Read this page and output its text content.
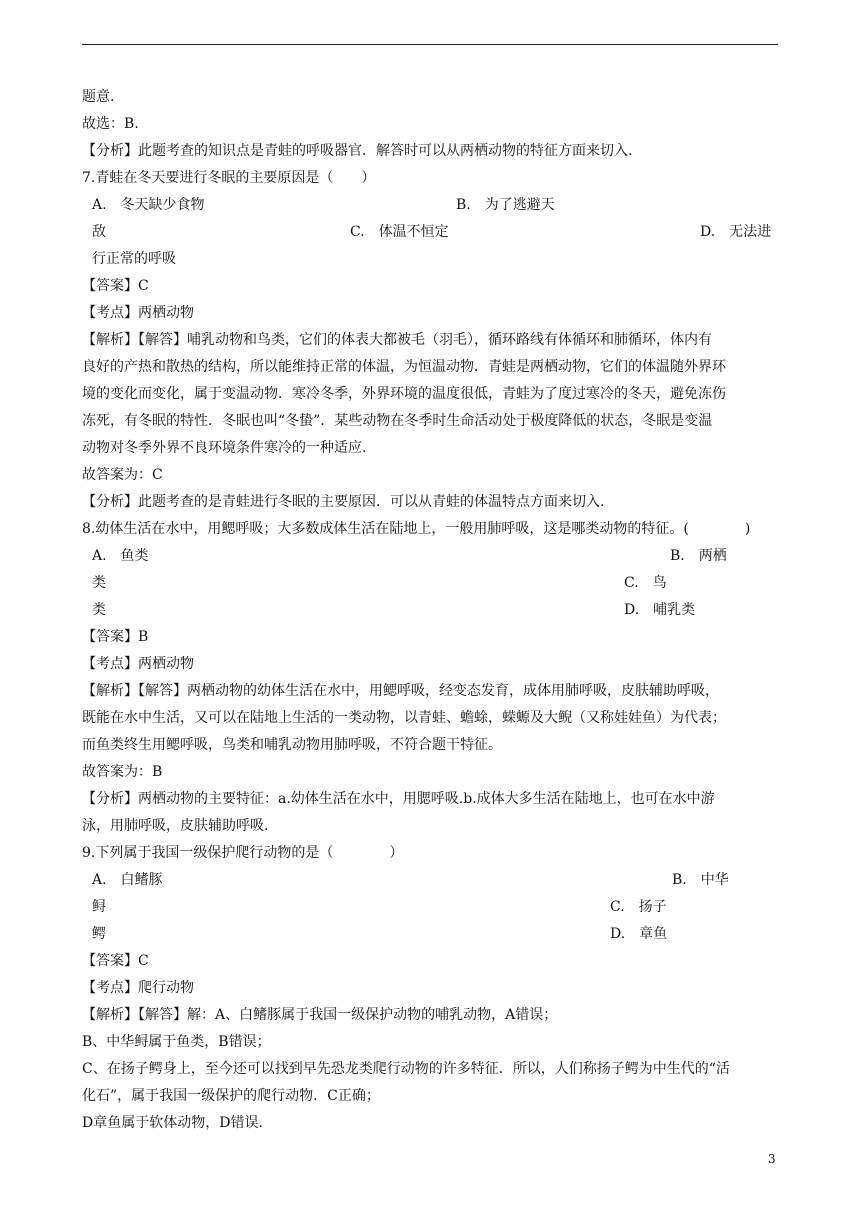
题意.
故选：B.
【分析】此题考查的知识点是青蛙的呼吸器官．解答时可以从两栖动物的特征方面来切入.
7.青蛙在冬天要进行冬眠的主要原因是（　　）
A.　冬天缺少食物	B.　为了逃避天
敌	C.　体温不恒定	D.　无法进
行正常的呼吸
【答案】C
【考点】两栖动物
【解析】【解答】哺乳动物和鸟类，它们的体表大都被毛（羽毛），循环路线有体循环和肺循环，体内有
良好的产热和散热的结构，所以能维持正常的体温，为恒温动物．青蛙是两栖动物，它们的体温随外界环
境的变化而变化，属于变温动物．寒冷冬季，外界环境的温度很低，青蛙为了度过寒冷的冬天，避免冻伤
冻死，有冬眠的特性．冬眠也叫“冬蛰”．某些动物在冬季时生命活动处于极度降低的状态，冬眠是变温
动物对冬季外界不良环境条件寒冷的一种适应.
故答案为：C
【分析】此题考查的是青蛙进行冬眠的主要原因．可以从青蛙的体温特点方面来切入.
8.幼体生活在水中，用鳃呼吸；大多数成体生活在陆地上，一般用肺呼吸，这是哪类动物的特征。(　　　　)
A.　鱼类	B.　两栖
类	C.　鸟
类	D.　哺乳类
【答案】B
【考点】两栖动物
【解析】【解答】两栖动物的幼体生活在水中，用鳃呼吸，经变态发育，成体用肺呼吸，皮肤辅助呼吸，
既能在水中生活，又可以在陆地上生活的一类动物，以青蛙、蟾蜍，蝾螈及大鲵（又称娃娃鱼）为代表；
而鱼类终生用鳃呼吸，鸟类和哺乳动物用肺呼吸，不符合题干特征。
故答案为：B
【分析】两栖动物的主要特征：a.幼体生活在水中，用腮呼吸.b.成体大多生活在陆地上，也可在水中游
泳，用肺呼吸，皮肤辅助呼吸.
9.下列属于我国一级保护爬行动物的是（　　　　）
A.　白鳍豚	B.　中华
鲟	C.　扬子
鳄	D.　章鱼
【答案】C
【考点】爬行动物
【解析】【解答】解：A、白鳍豚属于我国一级保护动物的哺乳动物，A错误；
B、中华鲟属于鱼类，B错误；
C、在扬子鳄身上，至今还可以找到早先恐龙类爬行动物的许多特征．所以，人们称扬子鳄为中生代的“活
化石”，属于我国一级保护的爬行动物．C正确；
D章鱼属于软体动物，D错误.
3
